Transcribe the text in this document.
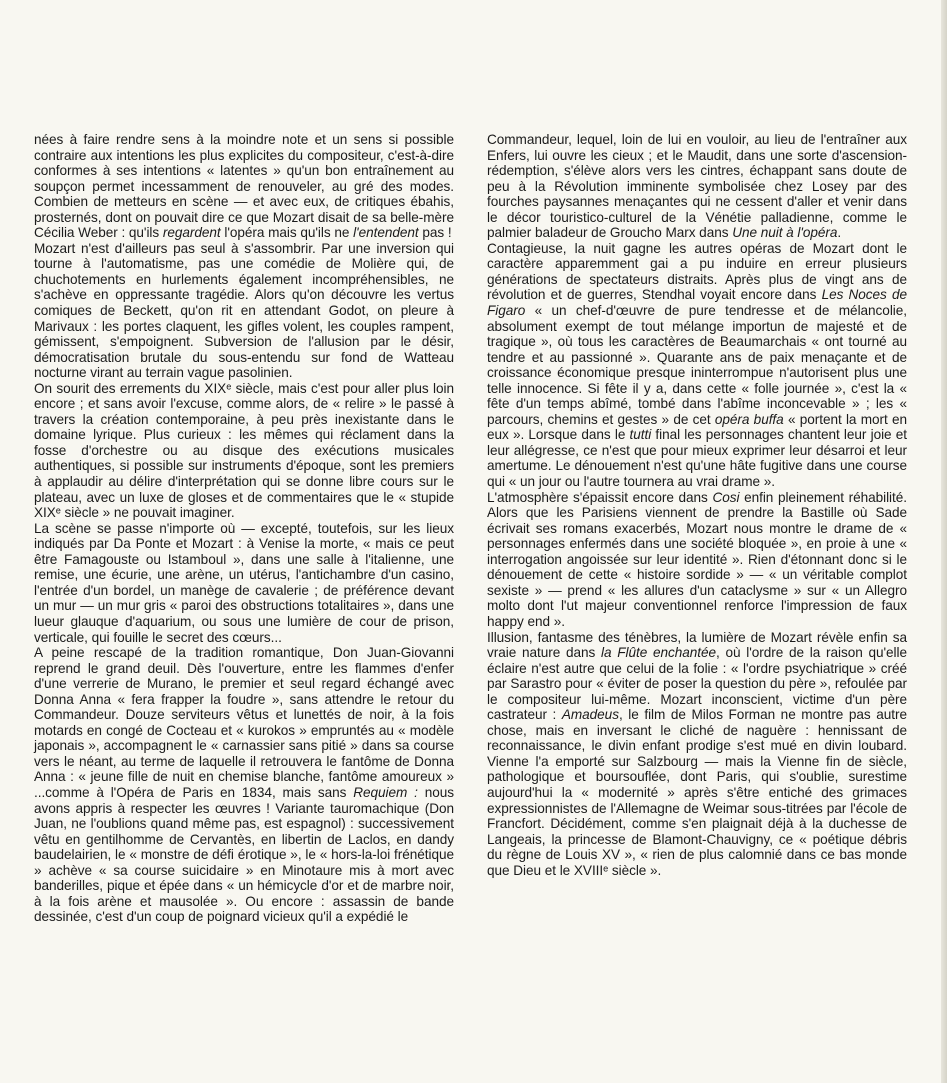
nées à faire rendre sens à la moindre note et un sens si possible contraire aux intentions les plus explicites du compositeur, c'est-à-dire conformes à ses intentions « latentes » qu'un bon entraînement au soupçon permet incessamment de renouveler, au gré des modes. Combien de metteurs en scène — et avec eux, de critiques ébahis, prosternés, dont on pouvait dire ce que Mozart disait de sa belle-mère Cécilia Weber : qu'ils regardent l'opéra mais qu'ils ne l'entendent pas !

Mozart n'est d'ailleurs pas seul à s'assombrir. Par une inversion qui tourne à l'automatisme, pas une comédie de Molière qui, de chuchotements en hurlements également incompréhensibles, ne s'achève en oppressante tragédie. Alors qu'on découvre les vertus comiques de Beckett, qu'on rit en attendant Godot, on pleure à Marivaux : les portes claquent, les gifles volent, les couples rampent, gémissent, s'empoignent. Subversion de l'allusion par le désir, démocratisation brutale du sous-entendu sur fond de Watteau nocturne virant au terrain vague pasolinien.

On sourit des errements du XIXᵉ siècle, mais c'est pour aller plus loin encore ; et sans avoir l'excuse, comme alors, de « relire » le passé à travers la création contemporaine, à peu près inexistante dans le domaine lyrique. Plus curieux : les mêmes qui réclament dans la fosse d'orchestre ou au disque des exécutions musicales authentiques, si possible sur instruments d'époque, sont les premiers à applaudir au délire d'interprétation qui se donne libre cours sur le plateau, avec un luxe de gloses et de commentaires que le « stupide XIXᵉ siècle » ne pouvait imaginer.

La scène se passe n'importe où — excepté, toutefois, sur les lieux indiqués par Da Ponte et Mozart : à Venise la morte, « mais ce peut être Famagouste ou Istamboul », dans une salle à l'italienne, une remise, une écurie, une arène, un utérus, l'antichambre d'un casino, l'entrée d'un bordel, un manège de cavalerie ; de préférence devant un mur — un mur gris « paroi des obstructions totalitaires », dans une lueur glauque d'aquarium, ou sous une lumière de cour de prison, verticale, qui fouille le secret des cœurs...

A peine rescapé de la tradition romantique, Don Juan-Giovanni reprend le grand deuil. Dès l'ouverture, entre les flammes d'enfer d'une verrerie de Murano, le premier et seul regard échangé avec Donna Anna « fera frapper la foudre », sans attendre le retour du Commandeur. Douze serviteurs vêtus et lunettés de noir, à la fois motards en congé de Cocteau et « kurokos » empruntés au « modèle japonais », accompagnent le « carnassier sans pitié » dans sa course vers le néant, au terme de laquelle il retrouvera le fantôme de Donna Anna : « jeune fille de nuit en chemise blanche, fantôme amoureux » ...comme à l'Opéra de Paris en 1834, mais sans Requiem : nous avons appris à respecter les œuvres ! Variante tauromachique (Don Juan, ne l'oublions quand même pas, est espagnol) : successivement vêtu en gentilhomme de Cervantès, en libertin de Laclos, en dandy baudelairien, le « monstre de défi érotique », le « hors-la-loi frénétique » achève « sa course suicidaire » en Minotaure mis à mort avec banderilles, pique et épée dans « un hémicycle d'or et de marbre noir, à la fois arène et mausolée ». Ou encore : assassin de bande dessinée, c'est d'un coup de poignard vicieux qu'il a expédié le

Commandeur, lequel, loin de lui en vouloir, au lieu de l'entraîner aux Enfers, lui ouvre les cieux ; et le Maudit, dans une sorte d'ascension-rédemption, s'élève alors vers les cintres, échappant sans doute de peu à la Révolution imminente symbolisée chez Losey par des fourches paysannes menaçantes qui ne cessent d'aller et venir dans le décor touristico-culturel de la Vénétie palladienne, comme le palmier baladeur de Groucho Marx dans Une nuit à l'opéra.

Contagieuse, la nuit gagne les autres opéras de Mozart dont le caractère apparemment gai a pu induire en erreur plusieurs générations de spectateurs distraits. Après plus de vingt ans de révolution et de guerres, Stendhal voyait encore dans Les Noces de Figaro « un chef-d'œuvre de pure tendresse et de mélancolie, absolument exempt de tout mélange importun de majesté et de tragique », où tous les caractères de Beaumarchais « ont tourné au tendre et au passionné ». Quarante ans de paix menaçante et de croissance économique presque ininterrompue n'autorisent plus une telle innocence. Si fête il y a, dans cette « folle journée », c'est la « fête d'un temps abîmé, tombé dans l'abîme inconcevable » ; les « parcours, chemins et gestes » de cet opéra buffa « portent la mort en eux ». Lorsque dans le tutti final les personnages chantent leur joie et leur allégresse, ce n'est que pour mieux exprimer leur désarroi et leur amertume. Le dénouement n'est qu'une hâte fugitive dans une course qui « un jour ou l'autre tournera au vrai drame ».

L'atmosphère s'épaissit encore dans Cosi enfin pleinement réhabilité. Alors que les Parisiens viennent de prendre la Bastille où Sade écrivait ses romans exacerbés, Mozart nous montre le drame de « personnages enfermés dans une société bloquée », en proie à une « interrogation angoissée sur leur identité ». Rien d'étonnant donc si le dénouement de cette « histoire sordide » — « un véritable complot sexiste » — prend « les allures d'un cataclysme » sur « un Allegro molto dont l'ut majeur conventionnel renforce l'impression de faux happy end ».

Illusion, fantasme des ténèbres, la lumière de Mozart révèle enfin sa vraie nature dans la Flûte enchantée, où l'ordre de la raison qu'elle éclaire n'est autre que celui de la folie : « l'ordre psychiatrique » créé par Sarastro pour « éviter de poser la question du père », refoulée par le compositeur lui-même. Mozart inconscient, victime d'un père castrateur : Amadeus, le film de Milos Forman ne montre pas autre chose, mais en inversant le cliché de naguère : hennissant de reconnaissance, le divin enfant prodige s'est mué en divin loubard. Vienne l'a emporté sur Salzbourg — mais la Vienne fin de siècle, pathologique et boursouflée, dont Paris, qui s'oublie, surestime aujourd'hui la « modernité » après s'être entiché des grimaces expressionnistes de l'Allemagne de Weimar sous-titrées par l'école de Francfort. Décidément, comme s'en plaignait déjà à la duchesse de Langeais, la princesse de Blamont-Chauvigny, ce « poétique débris du règne de Louis XV », « rien de plus calomnié dans ce bas monde que Dieu et le XVIIIᵉ siècle ».
